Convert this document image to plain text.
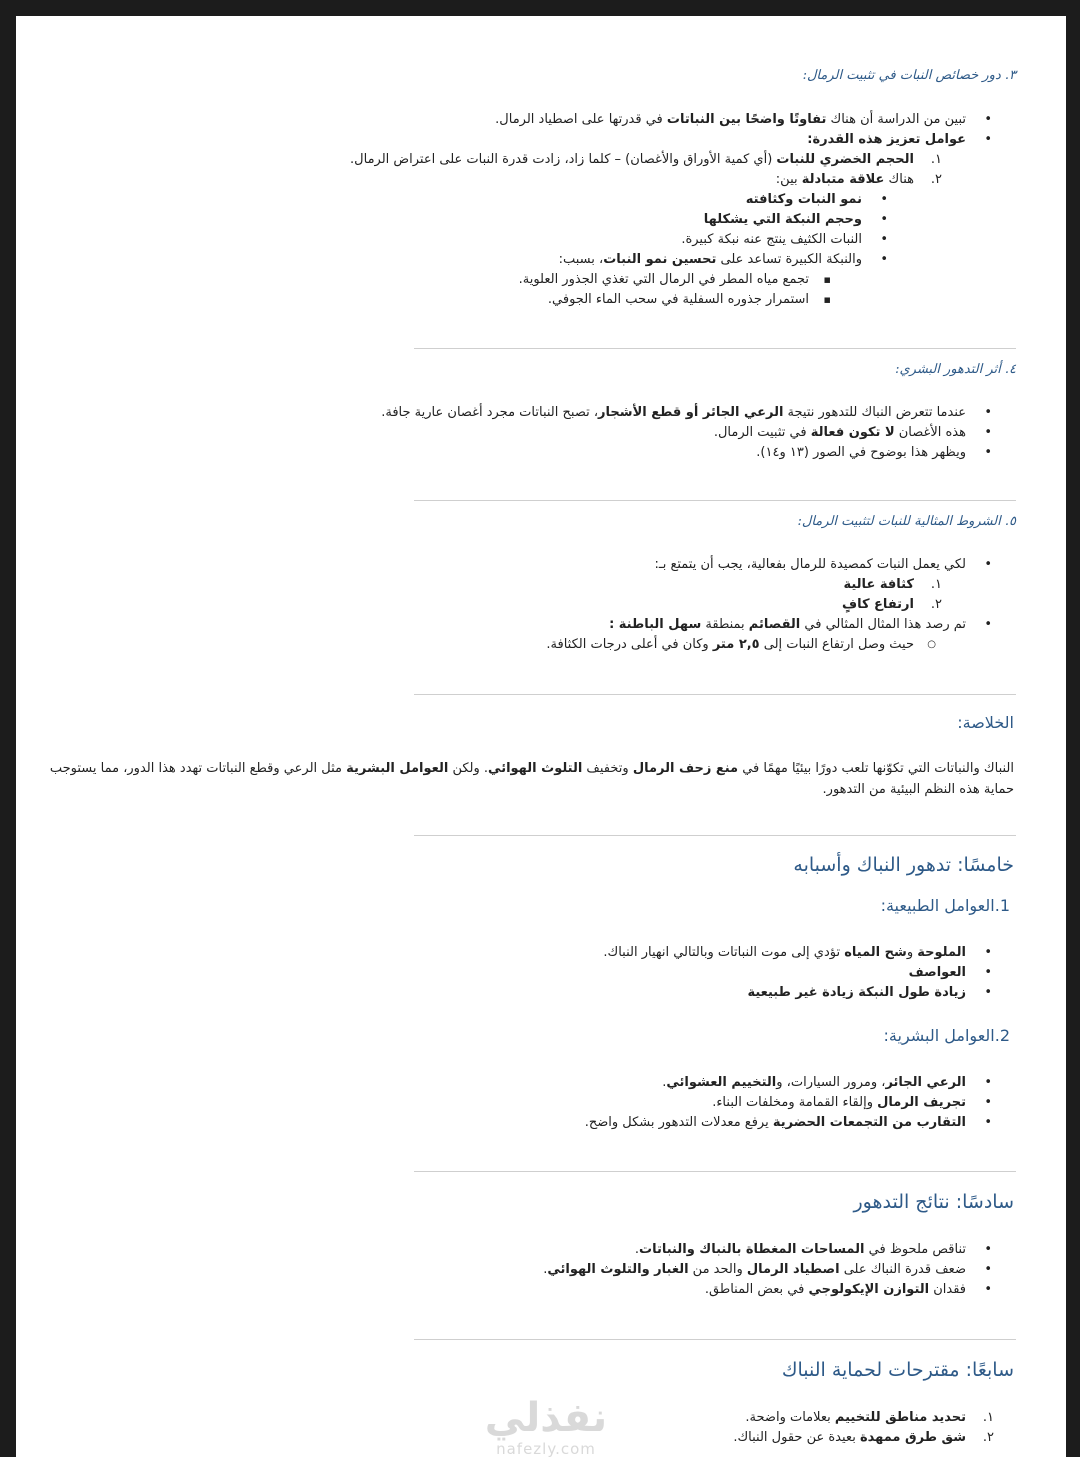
٣. دور خصائص النبات في تثبيت الرمال:
• تبين من الدراسة أن هناك تفاوتًا واضحًا بين النباتات في قدرتها على اصطياد الرمال.
• عوامل تعزيز هذه القدرة:
١.
الحجم الخضري للنبات (أي كمية الأوراق والأغصان) – كلما زاد، زادت قدرة النبات على اعتراض الرمال.
٢.
هناك علاقة متبادلة بين:
• نمو النبات وكثافته
• وحجم النبكة التي يشكلها
• النبات الكثيف ينتج عنه نبكة كبيرة.
• والنبكة الكبيرة تساعد على تحسين نمو النبات، بسبب:
▪ تجمع مياه المطر في الرمال التي تغذي الجذور العلوية.
▪ استمرار جذوره السفلية في سحب الماء الجوفي.
٤. أثر التدهور البشري:
• عندما تتعرض النباك للتدهور نتيجة الرعي الجائر أو قطع الأشجار، تصبح النباتات مجرد أغصان عارية جافة.
• هذه الأغصان لا تكون فعالة في تثبيت الرمال.
• ويظهر هذا بوضوح في الصور (١٣ و١٤).
٥. الشروط المثالية للنبات لتثبيت الرمال:
• لكي يعمل النبات كمصيدة للرمال بفعالية، يجب أن يتمتع بـ:
١.
كثافة عالية
٢.
ارتفاع كافٍ
• تم رصد هذا المثال المثالي في القصائم بمنطقة سهل الباطنة :
○ حيث وصل ارتفاع النبات إلى ٢,٥ متر وكان في أعلى درجات الكثافة.
الخلاصة:
النباك والنباتات التي تكوّنها تلعب دورًا بيئيًا مهمًا في منع زحف الرمال وتخفيف التلوث الهوائي. ولكن العوامل البشرية مثل الرعي وقطع النباتات تهدد هذا الدور، مما يستوجب
حماية هذه النظم البيئية من التدهور.
خامسًا: تدهور النباك وأسبابه
1.العوامل الطبيعية:
• الملوحة وشح المياه تؤدي إلى موت النباتات وبالتالي انهيار النباك.
• العواصف
• زيادة طول النبكة زيادة غير طبيعية
2.العوامل البشرية:
• الرعي الجائر، ومرور السيارات، والتخييم العشوائي.
• تجريف الرمال وإلقاء القمامة ومخلفات البناء.
• التقارب من التجمعات الحضرية يرفع معدلات التدهور بشكل واضح.
سادسًا: نتائج التدهور
• تناقص ملحوظ في المساحات المغطاة بالنباك والنباتات.
• ضعف قدرة النباك على اصطياد الرمال والحد من الغبار والتلوث الهوائي.
• فقدان التوازن الإيكولوجي في بعض المناطق.
سابعًا: مقترحات لحماية النباك
١.
تحديد مناطق للتخييم بعلامات واضحة.
٢.
شق طرق ممهدة بعيدة عن حقول النباك.
نفذلي
nafezly.com
